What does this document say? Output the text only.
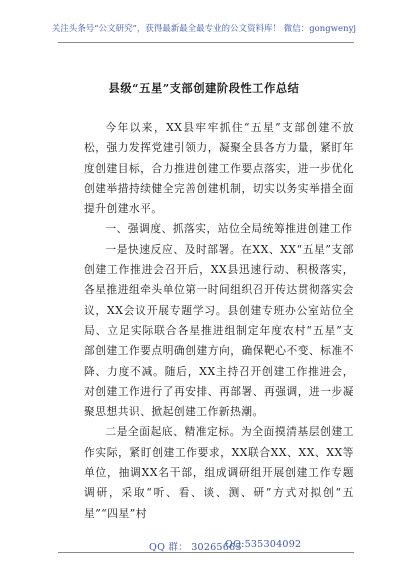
关注头条号“公文研究”，获得最新最全最专业的公文资料库！ 微信：gongwenyj
县级“五星”支部创建阶段性工作总结

今年以来，XX县牢牢抓住“五星”支部创建不放松，强力发挥党建引领力，凝聚全县各方力量，紧盯年度创建目标，合力推进创建工作要点落实，进一步优化创建举措持续健全完善创建机制，切实以务实举措全面提升创建水平。

一、强调度、抓落实，站位全局统筹推进创建工作

一是快速反应、及时部署。在XX、XX“五星”支部创建工作推进会召开后，XX县迅速行动、积极落实，各星推进组牵头单位第一时间组织召开传达贯彻落实会议，XX会议开展专题学习。县创建专班办公室站位全局、立足实际联合各星推进组制定年度农村“五星”支部创建工作要点明确创建方向，确保靶心不变、标准不降、力度不减。随后，XX主持召开创建工作推进会，对创建工作进行了再安排、再部署、再强调，进一步凝聚思想共识、掀起创建工作新热潮。

二是全面起底、精准定标。为全面摸清基层创建工作实际，紧盯创建工作要求，XX联合XX、XX、XX等单位，抽调XX名干部，组成调研组开展创建工作专题调研，采取“听、看、谈、测、研”方式对拟创“五星”“四星”村

QQ 群： 30265665
QQ:535304092
